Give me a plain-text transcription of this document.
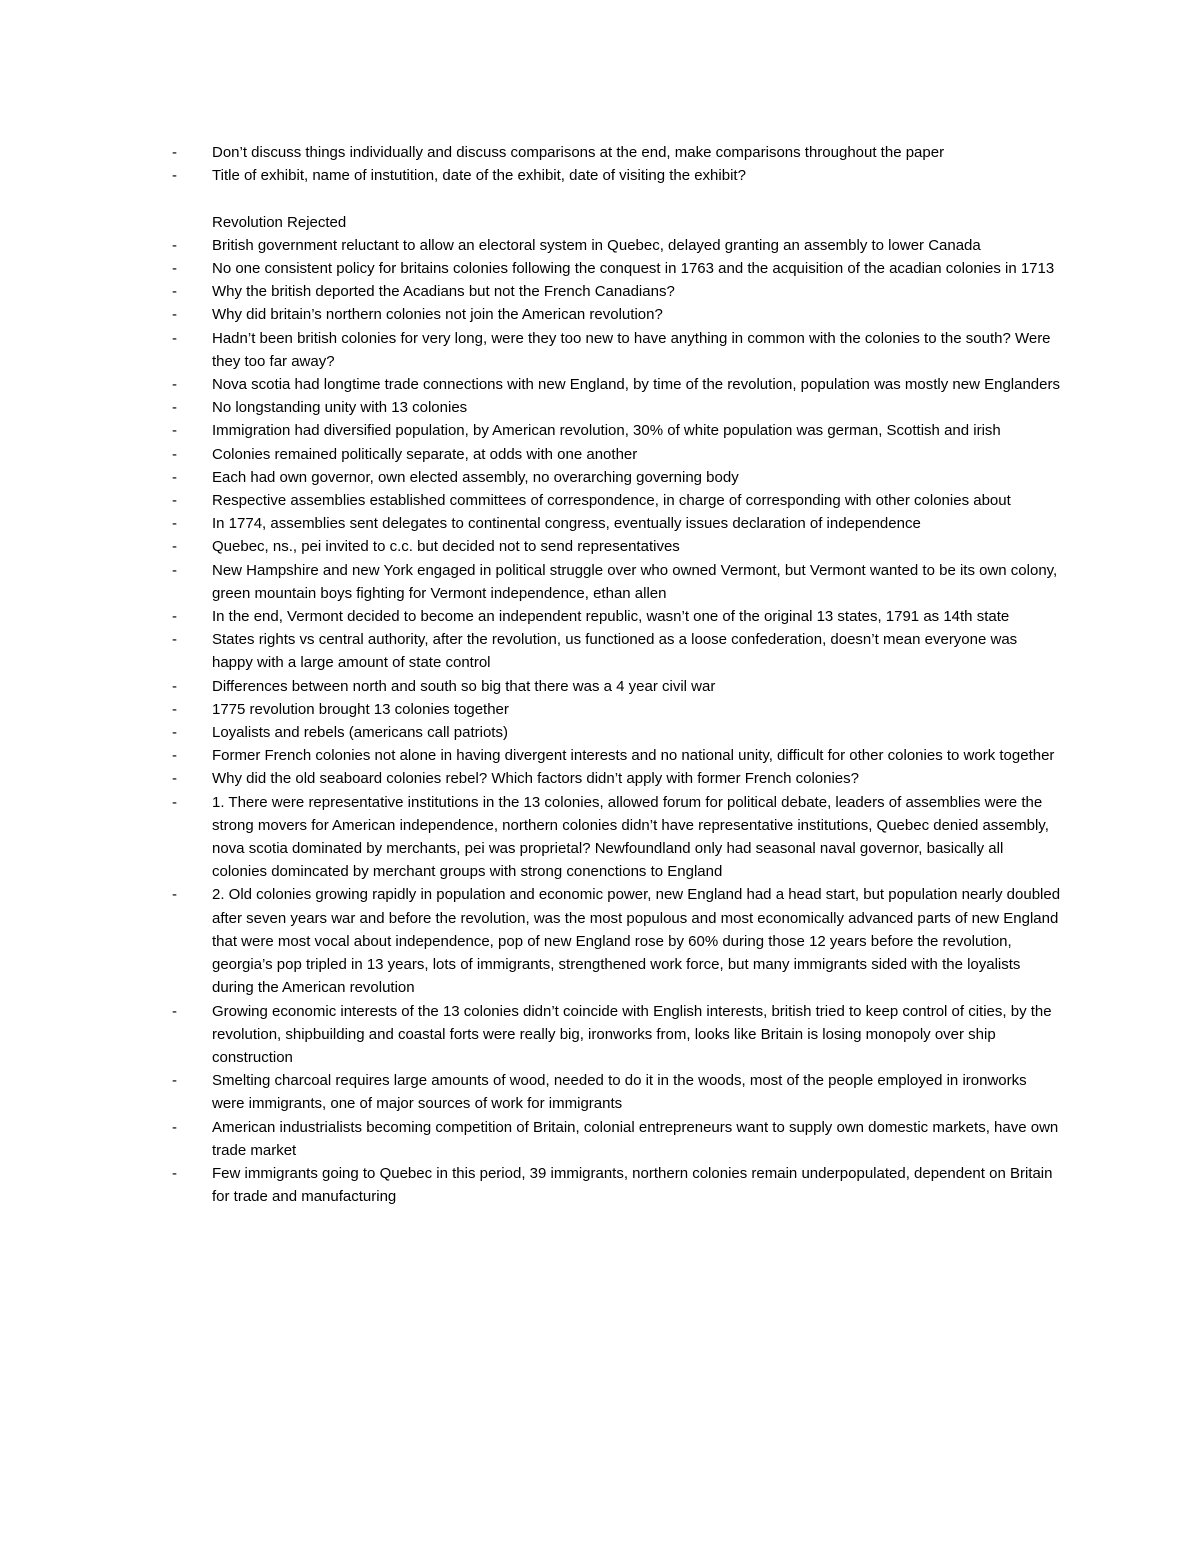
- Don’t discuss things individually and discuss comparisons at the end, make comparisons throughout the paper
- Title of exhibit, name of instutition, date of the exhibit, date of visiting the exhibit?
Revolution Rejected
- British government reluctant to allow an electoral system in Quebec, delayed granting an assembly to lower Canada
- No one consistent policy for britains colonies following the conquest in 1763 and the acquisition of the acadian colonies in 1713
- Why the british deported the Acadians but not the French Canadians?
- Why did britain’s northern colonies not join the American revolution?
- Hadn’t been british colonies for very long, were they too new to have anything in common with the colonies to the south? Were they too far away?
- Nova scotia had longtime trade connections with new England, by time of the revolution, population was mostly new Englanders
- No longstanding unity with 13 colonies
- Immigration had diversified population, by American revolution, 30% of white population was german, Scottish and irish
- Colonies remained politically separate, at odds with one another
- Each had own governor, own elected assembly, no overarching governing body
- Respective assemblies established committees of correspondence, in charge of corresponding with other colonies about
- In 1774, assemblies sent delegates to continental congress, eventually issues declaration of independence
- Quebec, ns., pei invited to c.c. but decided not to send representatives
- New Hampshire and new York engaged in political struggle over who owned Vermont, but Vermont wanted to be its own colony, green mountain boys fighting for Vermont independence, ethan allen
- In the end, Vermont decided to become an independent republic, wasn’t one of the original 13 states, 1791 as 14th state
- States rights vs central authority, after the revolution, us functioned as a loose confederation, doesn’t mean everyone was happy with a large amount of state control
- Differences between north and south so big that there was a 4 year civil war
- 1775 revolution brought 13 colonies together
- Loyalists and rebels (americans call patriots)
- Former French colonies not alone in having divergent interests and no national unity, difficult for other colonies to work together
- Why did the old seaboard colonies rebel? Which factors didn’t apply with former French colonies?
- 1. There were representative institutions in the 13 colonies, allowed forum for political debate, leaders of assemblies were the strong movers for American independence, northern colonies didn’t have representative institutions, Quebec denied assembly, nova scotia dominated by merchants, pei was proprietal? Newfoundland only had seasonal naval governor, basically all colonies domincated by merchant groups with strong conenctions to England
- 2. Old colonies growing rapidly in population and economic power, new England had a head start, but population nearly doubled after seven years war and before the revolution, was the most populous and most economically advanced parts of new England that were most vocal about independence, pop of new England rose by 60% during those 12 years before the revolution, georgia’s pop tripled in 13 years, lots of immigrants, strengthened work force, but many immigrants sided with the loyalists during the American revolution
- Growing economic interests of the 13 colonies didn’t coincide with English interests, british tried to keep control of cities, by the revolution, shipbuilding and coastal forts were really big, ironworks from, looks like Britain is losing monopoly over ship construction
- Smelting charcoal requires large amounts of wood, needed to do it in the woods, most of the people employed in ironworks were immigrants, one of major sources of work for immigrants
- American industrialists becoming competition of Britain, colonial entrepreneurs want to supply own domestic markets, have own trade market
- Few immigrants going to Quebec in this period, 39 immigrants, northern colonies remain underpopulated, dependent on Britain for trade and manufacturing
